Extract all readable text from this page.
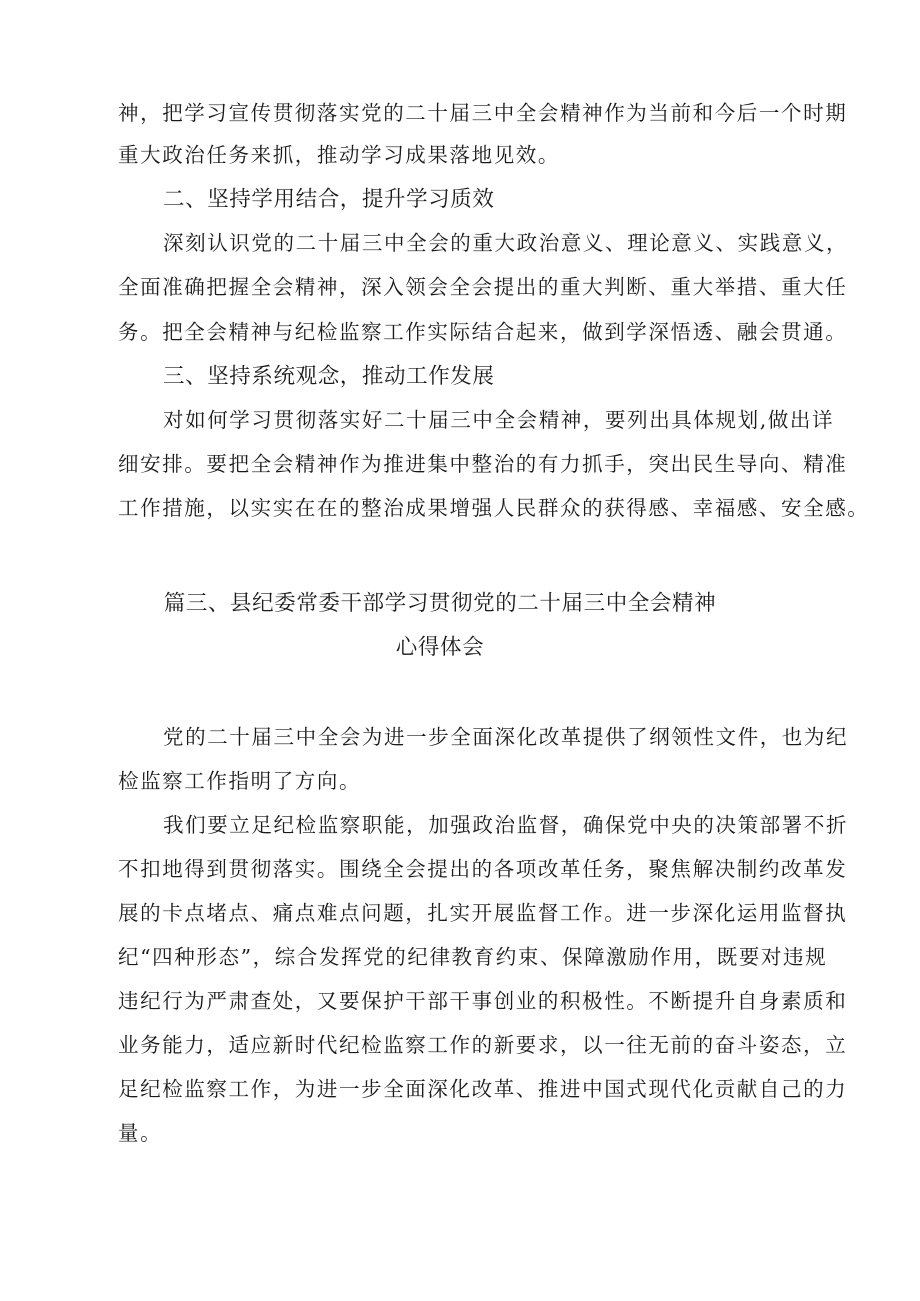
神，把学习宣传贯彻落实党的二十届三中全会精神作为当前和今后一个时期
重大政治任务来抓，推动学习成果落地见效。
二、坚持学用结合，提升学习质效
深刻认识党的二十届三中全会的重大政治意义、理论意义、实践意义，
全面准确把握全会精神，深入领会全会提出的重大判断、重大举措、重大任
务。把全会精神与纪检监察工作实际结合起来，做到学深悟透、融会贯通。
三、坚持系统观念，推动工作发展
对如何学习贯彻落实好二十届三中全会精神，要列出具体规划,做出详
细安排。要把全会精神作为推进集中整治的有力抓手，突出民生导向、精准
工作措施，以实实在在的整治成果增强人民群众的获得感、幸福感、安全感。
篇三、县纪委常委干部学习贯彻党的二十届三中全会精神
心得体会
党的二十届三中全会为进一步全面深化改革提供了纲领性文件，也为纪
检监察工作指明了方向。
我们要立足纪检监察职能，加强政治监督，确保党中央的决策部署不折
不扣地得到贯彻落实。围绕全会提出的各项改革任务，聚焦解决制约改革发
展的卡点堵点、痛点难点问题，扎实开展监督工作。进一步深化运用监督执
纪“四种形态”，综合发挥党的纪律教育约束、保障激励作用，既要对违规
违纪行为严肃查处，又要保护干部干事创业的积极性。不断提升自身素质和
业务能力，适应新时代纪检监察工作的新要求，以一往无前的奋斗姿态，立
足纪检监察工作，为进一步全面深化改革、推进中国式现代化贡献自己的力
量。
